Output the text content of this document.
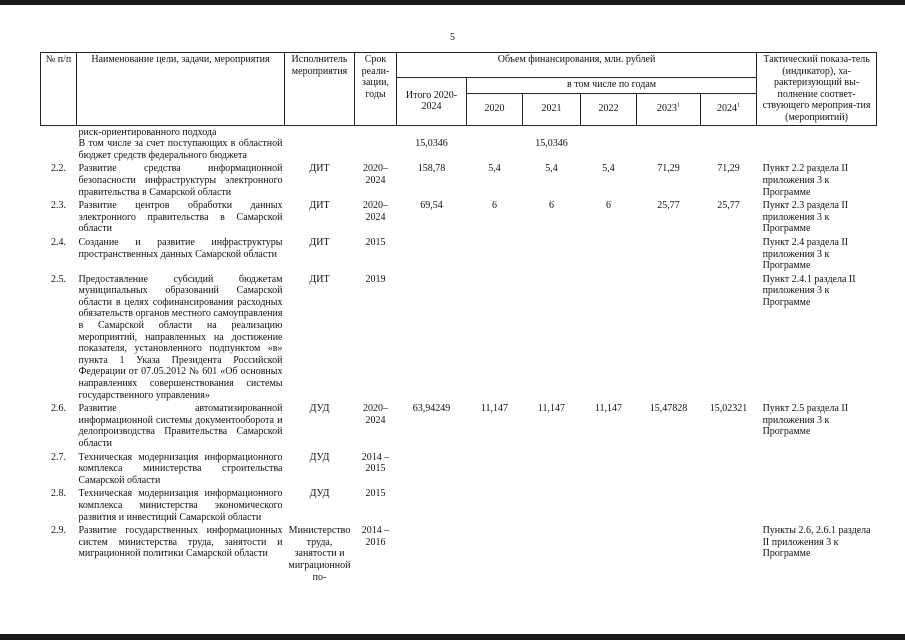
5
№ п/п	Наименование цели, задачи, мероприятия	Исполнитель мероприятия	Срок реали-зации, годы	Объем финансирования, млн. рублей						Тактический показа-тель (индикатор), ха-рактеризующий вы-полнение соответ-ствующего мероприя-тия (мероприятий)
				Итого 2020-2024	в том числе по годам					
					2020	2021	2022	2023$^1$	2024$^1$

	риск-ориентированного подхода
В том числе за счет поступающих в областной бюджет средств федерального бюджета			15,0346		15,0346				
2.2.	Развитие средства информационной безопасности инфраструктуры электронного правительства в Самарской области	ДИТ	2020–2024	158,78	5,4	5,4	5,4	71,29	71,29	Пункт 2.2 раздела II приложения 3 к Программе
2.3.	Развитие центров обработки данных электронного правительства в Самарской области	ДИТ	2020–2024	69,54	6	6	6	25,77	25,77	Пункт 2.3 раздела II приложения 3 к Программе
2.4.	Создание и развитие инфраструктуры пространственных данных Самарской области	ДИТ	2015							Пункт 2.4 раздела II приложения 3 к Программе
2.5.	Предоставление субсидий бюджетам муниципальных образований Самарской области в целях софинансирования расходных обязательств органов местного самоуправления в Самарской области на реализацию мероприятий, направленных на достижение показателя, установленного подпунктом «в» пункта 1 Указа Президента Российской Федерации от 07.05.2012 № 601 «Об основных направлениях совершенствования системы государственного управления»	ДИТ	2019							Пункт 2.4.1 раздела II приложения 3 к Программе
2.6.	Развитие автоматизированной информационной системы документооборота и делопроизводства Правительства Самарской области	ДУД	2020–2024	63,94249	11,147	11,147	11,147	15,47828	15,02321	Пункт 2.5 раздела II приложения 3 к Программе
2.7.	Техническая модернизация информационного комплекса министерства строительства Самарской области	ДУД	2014 – 2015							
2.8.	Техническая модернизация информационного комплекса министерства экономического развития и инвестиций Самарской области	ДУД	2015							
2.9.	Развитие государственных информационных систем министерства труда, занятости и миграционной политики Самарской области	Министерство труда, занятости и миграционной по-	2014 – 2016							Пункты 2.6, 2.6.1 раздела II приложения 3 к Программе
